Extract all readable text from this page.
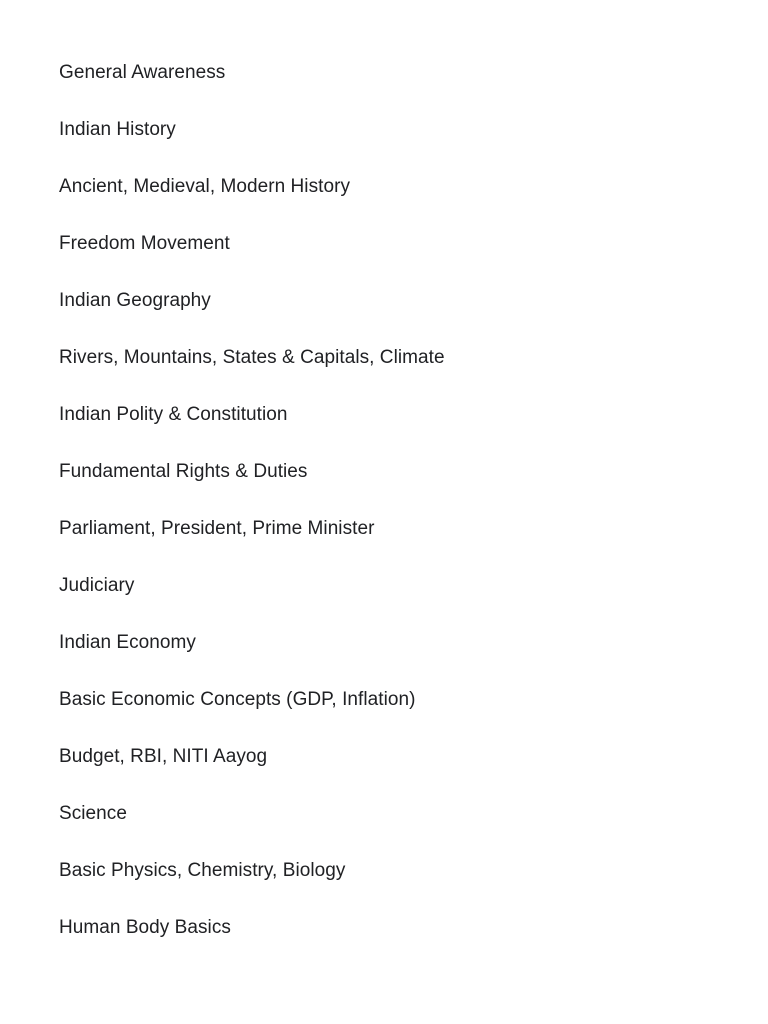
General Awareness
Indian History
Ancient, Medieval, Modern History
Freedom Movement
Indian Geography
Rivers, Mountains, States & Capitals, Climate
Indian Polity & Constitution
Fundamental Rights & Duties
Parliament, President, Prime Minister
Judiciary
Indian Economy
Basic Economic Concepts (GDP, Inflation)
Budget, RBI, NITI Aayog
Science
Basic Physics, Chemistry, Biology
Human Body Basics
